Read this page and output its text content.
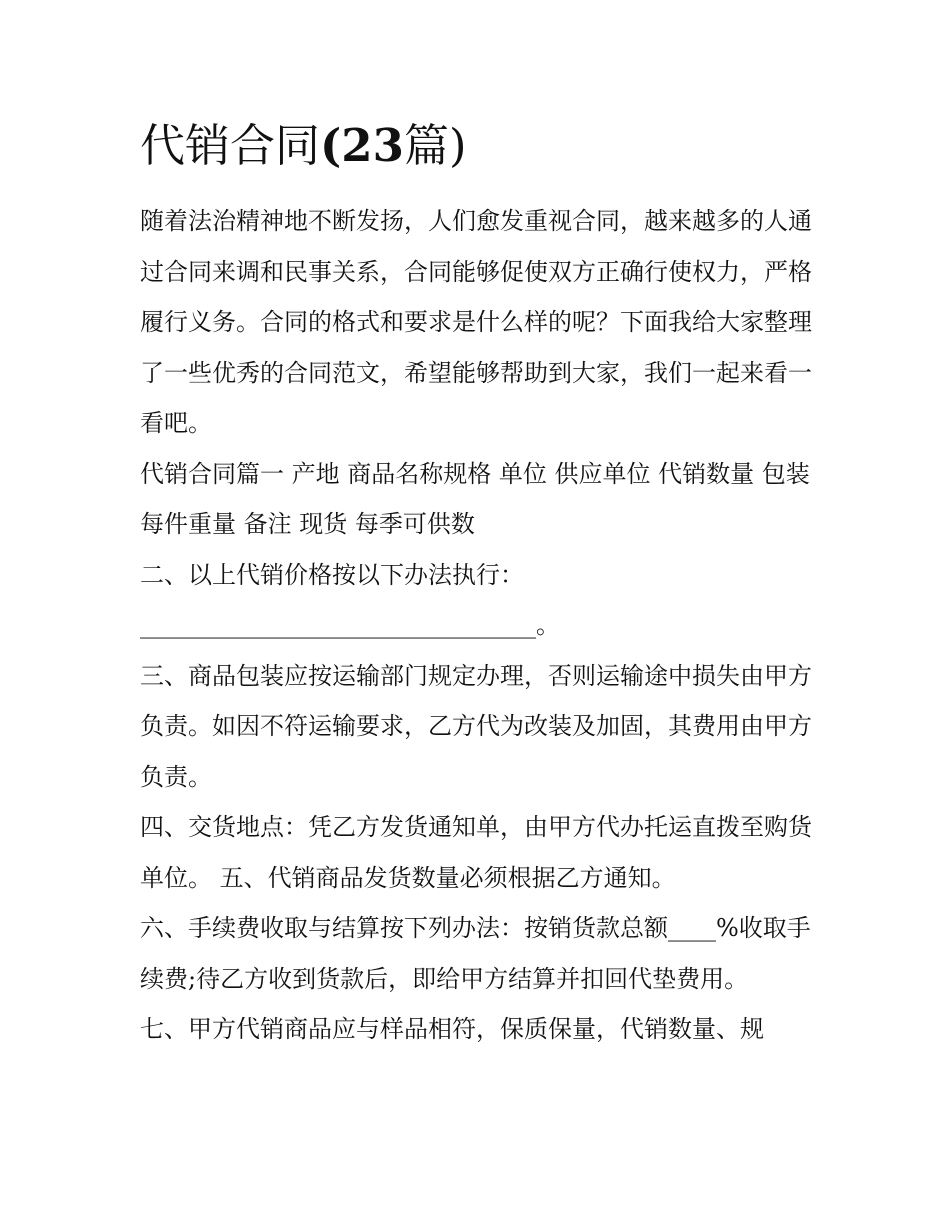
代销合同(23篇)

随着法治精神地不断发扬，人们愈发重视合同，越来越多的人通过合同来调和民事关系，合同能够促使双方正确行使权力，严格履行义务。合同的格式和要求是什么样的呢？下面我给大家整理了一些优秀的合同范文，希望能够帮助到大家，我们一起来看一看吧。

代销合同篇一 产地 商品名称规格 单位 供应单位 代销数量 包装 每件重量 备注 现货 每季可供数

二、以上代销价格按以下办法执行：

_________________________________。

三、商品包装应按运输部门规定办理，否则运输途中损失由甲方负责。如因不符运输要求，乙方代为改装及加固，其费用由甲方负责。

四、交货地点：凭乙方发货通知单，由甲方代办托运直拨至购货单位。 五、代销商品发货数量必须根据乙方通知。

六、手续费收取与结算按下列办法：按销货款总额____%收取手续费;待乙方收到货款后，即给甲方结算并扣回代垫费用。

七、甲方代销商品应与样品相符，保质保量，代销数量、规
